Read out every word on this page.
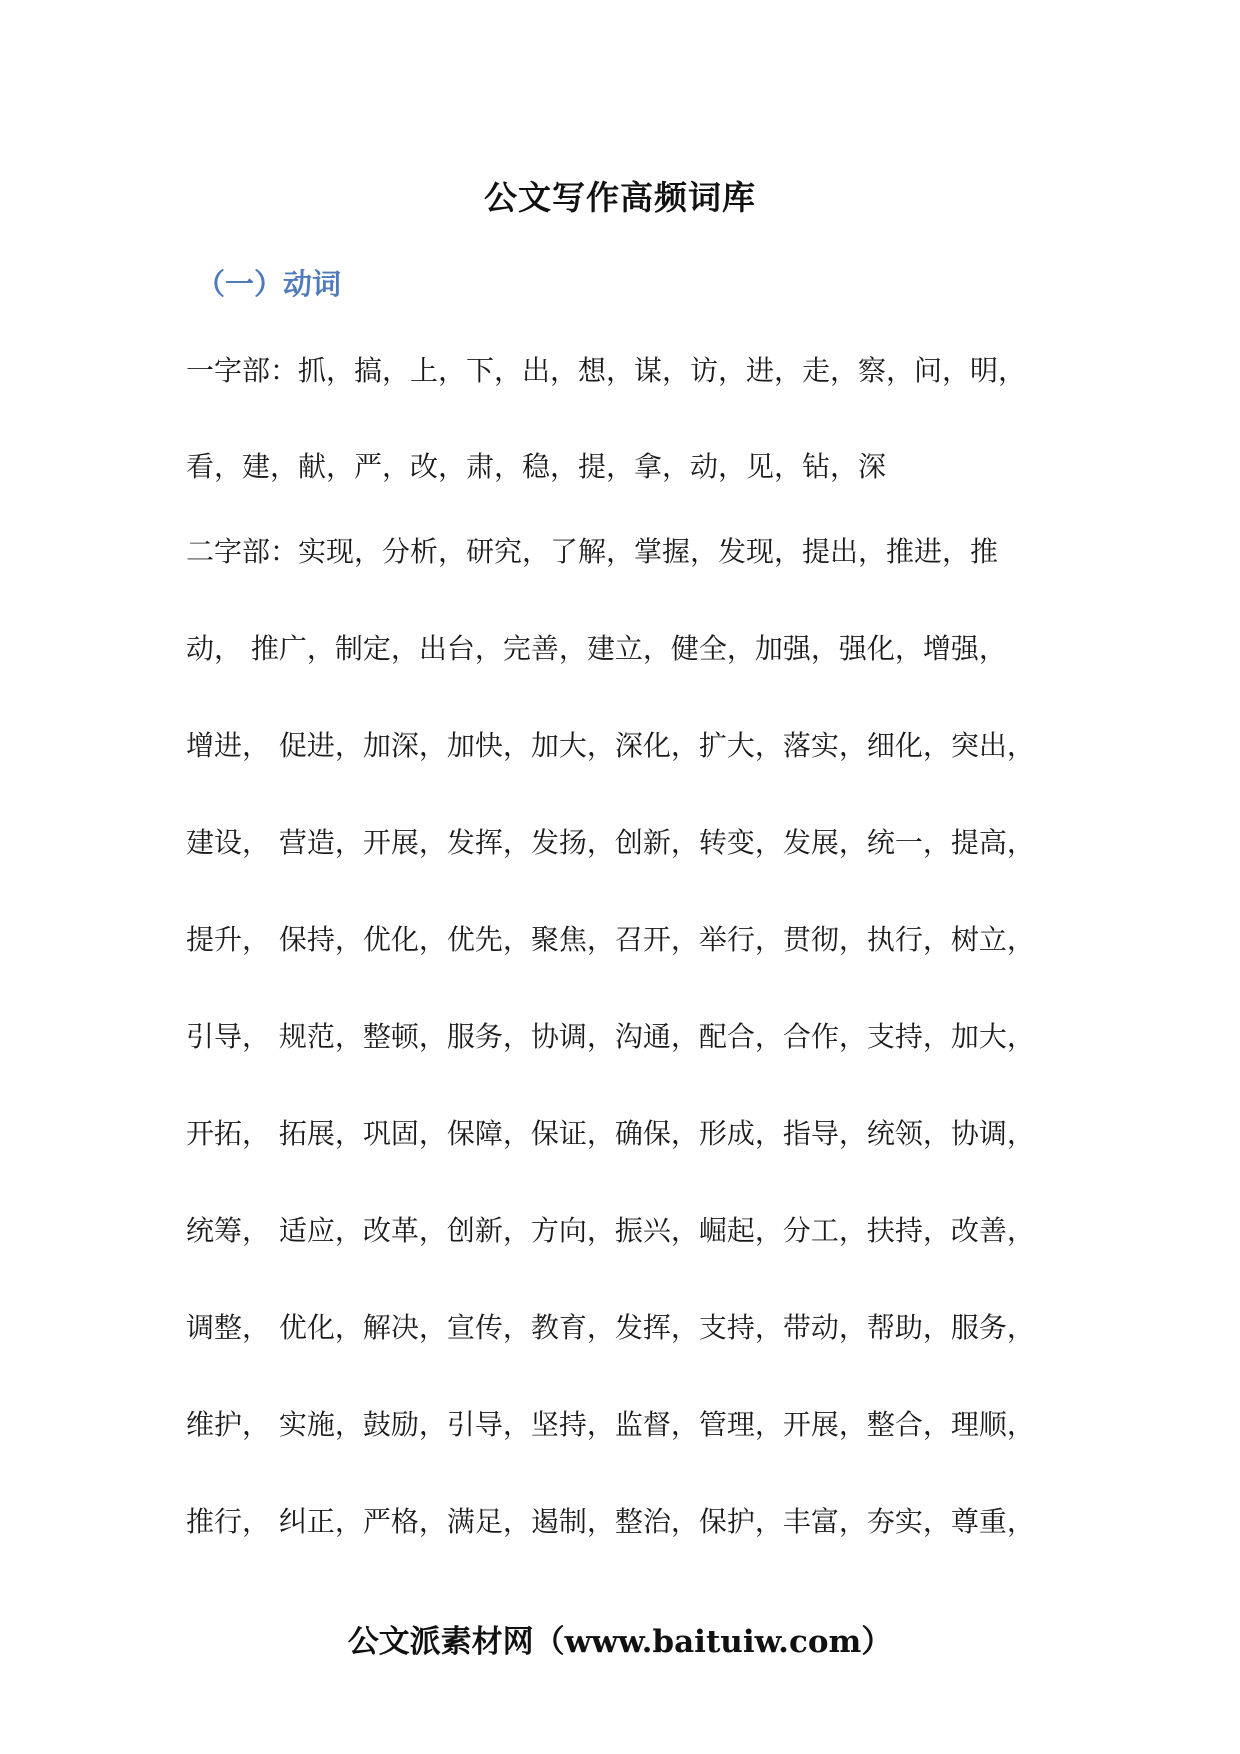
公文写作高频词库
（一）动词
一字部：抓，搞，上，下，出，想，谋，访，进，走，察，问，明，
看，建，献，严，改，肃，稳，提，拿，动，见，钻，深
二字部：实现，分析，研究，了解，掌握，发现，提出，推进，推
动， 推广，制定，出台，完善，建立，健全，加强，强化，增强，
增进， 促进，加深，加快，加大，深化，扩大，落实，细化，突出，
建设， 营造，开展，发挥，发扬，创新，转变，发展，统一，提高，
提升， 保持，优化，优先，聚焦，召开，举行，贯彻，执行，树立，
引导， 规范，整顿，服务，协调，沟通，配合，合作，支持，加大，
开拓， 拓展，巩固，保障，保证，确保，形成，指导，统领，协调，
统筹， 适应，改革，创新，方向，振兴，崛起，分工，扶持，改善，
调整， 优化，解决，宣传，教育，发挥，支持，带动，帮助，服务，
维护， 实施，鼓励，引导，坚持，监督，管理，开展，整合，理顺，
推行， 纠正，严格，满足，遏制，整治，保护，丰富，夯实，尊重，
公文派素材网（www.baituiw.com）
